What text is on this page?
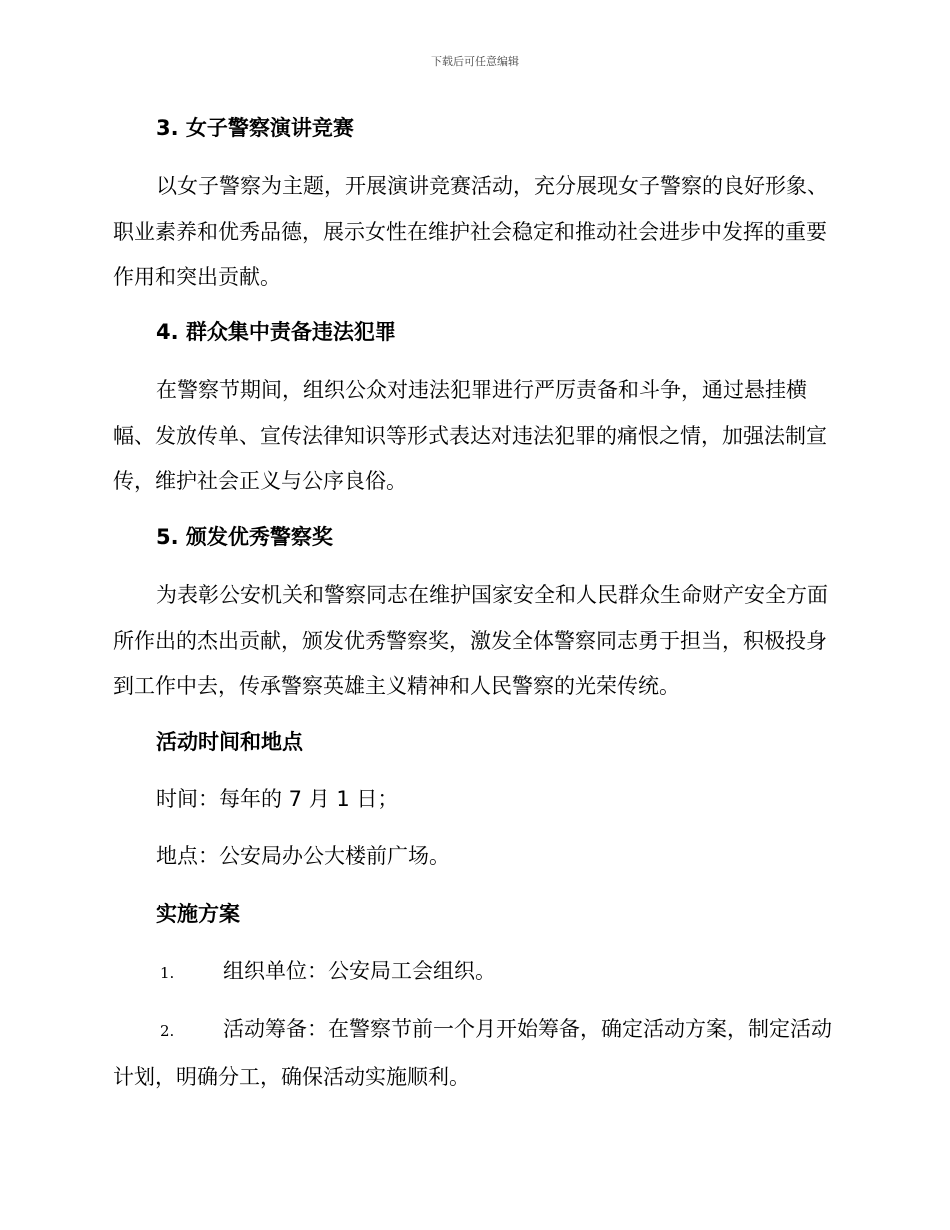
下载后可任意编辑
3. 女子警察演讲竞赛
以女子警察为主题，开展演讲竞赛活动，充分展现女子警察的良好形象、职业素养和优秀品德，展示女性在维护社会稳定和推动社会进步中发挥的重要作用和突出贡献。
4. 群众集中责备违法犯罪
在警察节期间，组织公众对违法犯罪进行严厉责备和斗争，通过悬挂横幅、发放传单、宣传法律知识等形式表达对违法犯罪的痛恨之情，加强法制宣传，维护社会正义与公序良俗。
5. 颁发优秀警察奖
为表彰公安机关和警察同志在维护国家安全和人民群众生命财产安全方面所作出的杰出贡献，颁发优秀警察奖，激发全体警察同志勇于担当，积极投身到工作中去，传承警察英雄主义精神和人民警察的光荣传统。
活动时间和地点
时间：每年的 7 月 1 日；
地点：公安局办公大楼前广场。
实施方案
1. 组织单位：公安局工会组织。
2. 活动筹备：在警察节前一个月开始筹备，确定活动方案，制定活动计划，明确分工，确保活动实施顺利。
